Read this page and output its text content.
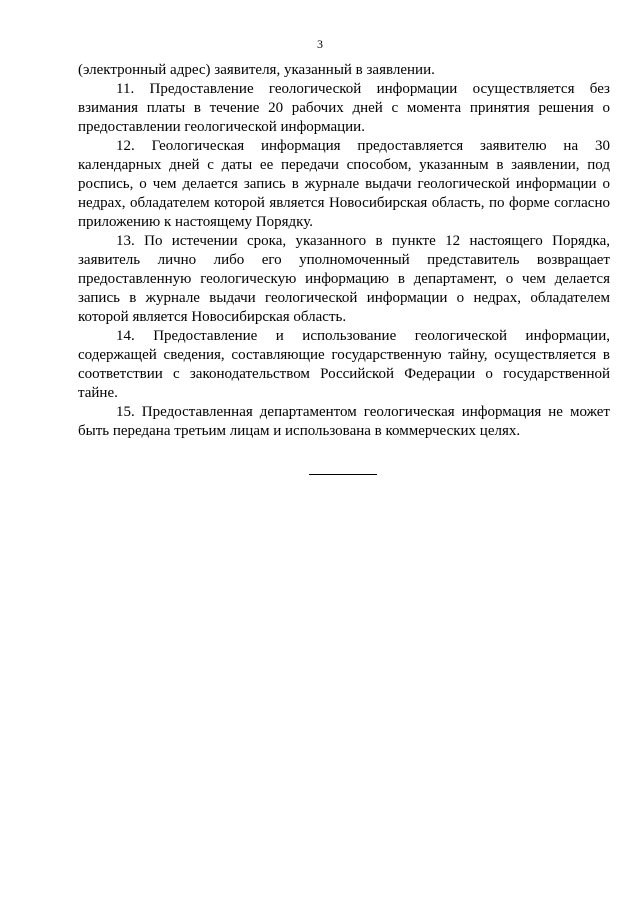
3

(электронный адрес) заявителя, указанный в заявлении.

11. Предоставление геологической информации осуществляется без взимания платы в течение 20 рабочих дней с момента принятия решения о предоставлении геологической информации.

12. Геологическая информация предоставляется заявителю на 30 календарных дней с даты ее передачи способом, указанным в заявлении, под роспись, о чем делается запись в журнале выдачи геологической информации о недрах, обладателем которой является Новосибирская область, по форме согласно приложению к настоящему Порядку.

13. По истечении срока, указанного в пункте 12 настоящего Порядка, заявитель лично либо его уполномоченный представитель возвращает предоставленную геологическую информацию в департамент, о чем делается запись в журнале выдачи геологической информации о недрах, обладателем которой является Новосибирская область.

14. Предоставление и использование геологической информации, содержащей сведения, составляющие государственную тайну, осуществляется в соответствии с законодательством Российской Федерации о государственной тайне.

15. Предоставленная департаментом геологическая информация не может быть передана третьим лицам и использована в коммерческих целях.
